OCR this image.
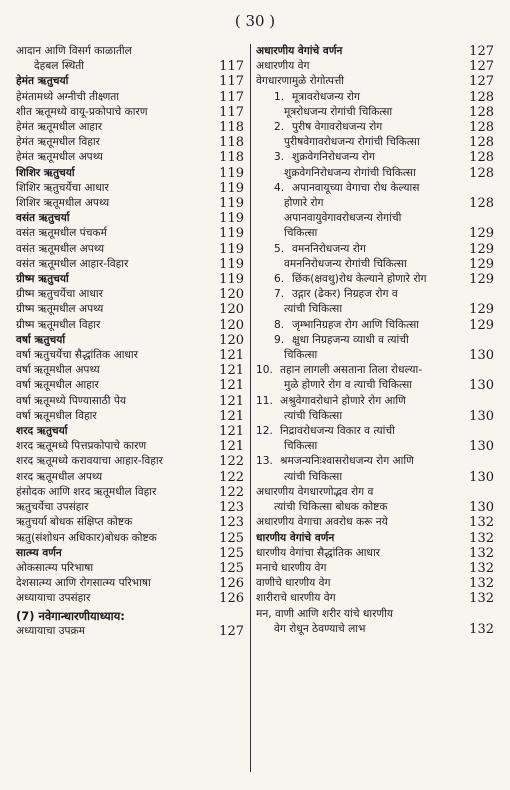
( 30 )
आदान आणि विसर्ग काळातील
देहबल स्थिती	117
हेमंत ऋतुचर्या	117
हेमंतामध्ये अग्नीची तीक्ष्णता	117
शीत ऋतूमध्ये वायू-प्रकोपाचे कारण	117
हेमंत ऋतूमधील आहार	118
हेमंत ऋतूमधील विहार	118
हेमंत ऋतूमधील अपथ्य	118
शिशिर ऋतुचर्या	119
शिशिर ऋतुचर्येचा आधार	119
शिशिर ऋतूमधील अपथ्य	119
वसंत ऋतुचर्या	119
वसंत ऋतूमधील पंचकर्म	119
वसंत ऋतूमधील अपथ्य	119
वसंत ऋतूमधील आहार-विहार	119
ग्रीष्म ऋतुचर्या	119
ग्रीष्म ऋतुचर्येचा आधार	120
ग्रीष्म ऋतूमधील अपथ्य	120
ग्रीष्म ऋतूमधील विहार	120
वर्षा ऋतुचर्या	120
वर्षा ऋतुचर्येचा सैद्धांतिक आधार	121
वर्षा ऋतूमधील अपथ्य	121
वर्षा ऋतूमधील आहार	121
वर्षा ऋतूमध्ये पिण्यासाठी पेय	121
वर्षा ऋतूमधील विहार	121
शरद ऋतुचर्या	121
शरद ऋतूमध्ये पित्तप्रकोपाचे कारण	121
शरद ऋतूमध्ये करावयाचा आहार-विहार	122
शरद ऋतूमधील अपथ्य	122
हंसोदक आणि शरद ऋतूमधील विहार	122
ऋतुचर्येचा उपसंहार	123
ऋतुचर्या बोधक संक्षिप्त कोष्टक	123
ऋतु(संशोधन अधिकार)बोधक कोष्टक	125
सात्म्य वर्णन	125
ओकसात्म्य परिभाषा	125
देशसात्म्य आणि रोगसात्म्य परिभाषा	126
अध्यायाचा उपसंहार	126
(7) नवेगान्धारणीयाध्याय:
अध्यायाचा उपक्रम	127
अधारणीय वेगांचे वर्णन	127
अधारणीय वेग	127
वेगधारणामुळे रोगोत्पत्ती	127
1. मूत्रावरोधजन्य रोग	128
मूत्ररोधजन्य रोगांची चिकित्सा	128
2. पुरीष वेगावरोधजन्य रोग	128
पुरीषवेगावरोधजन्य रोगांची चिकित्सा	128
3. शुक्रवेगनिरोधजन्य रोग	128
शुक्रवेगनिरोधजन्य रोगांची चिकित्सा	128
4. अपानवायूच्या वेगाचा रोध केल्यास
होणारे रोग	128
अपानवायुवेगावरोधजन्य रोगांची
चिकित्सा	129
5. वमननिरोधजन्य रोग	129
वमननिरोधजन्य रोगांची चिकित्सा	129
6. छिंक(क्षवथु)रोध केल्याने होणारे रोग	129
7. उद्गार (ढेकर) निग्रहज रोग व
त्यांची चिकित्सा	129
8. जृम्भानिग्रहज रोग आणि चिकित्सा	129
9. क्षुधा निग्रहजन्य व्याधी व त्यांची
चिकित्सा	130
10. तहान लागली असताना तिला रोधल्या-
मुळे होणारे रोग व त्याची चिकित्सा	130
11. अश्रुवेगावरोधाने होणारे रोग आणि
त्यांची चिकित्सा	130
12. निद्रावरोधजन्य विकार व त्यांची
चिकित्सा	130
13. श्रमजन्यनिःश्वासरोधजन्य रोग आणि
त्यांची चिकित्सा	130
अधारणीय वेगधारणोद्भव रोग व
त्यांची चिकित्सा बोधक कोष्टक	130
अधारणीय वेगाचा अवरोध करू नये	132
धारणीय वेगांचे वर्णन	132
धारणीय वेगांचा सैद्धांतिक आधार	132
मनाचे धारणीय वेग	132
वाणीचे धारणीय वेग	132
शारीराचे धारणीय वेग	132
मन, वाणी आणि शरीर यांचे धारणीय
वेग रोधून ठेवण्याचे लाभ	132
